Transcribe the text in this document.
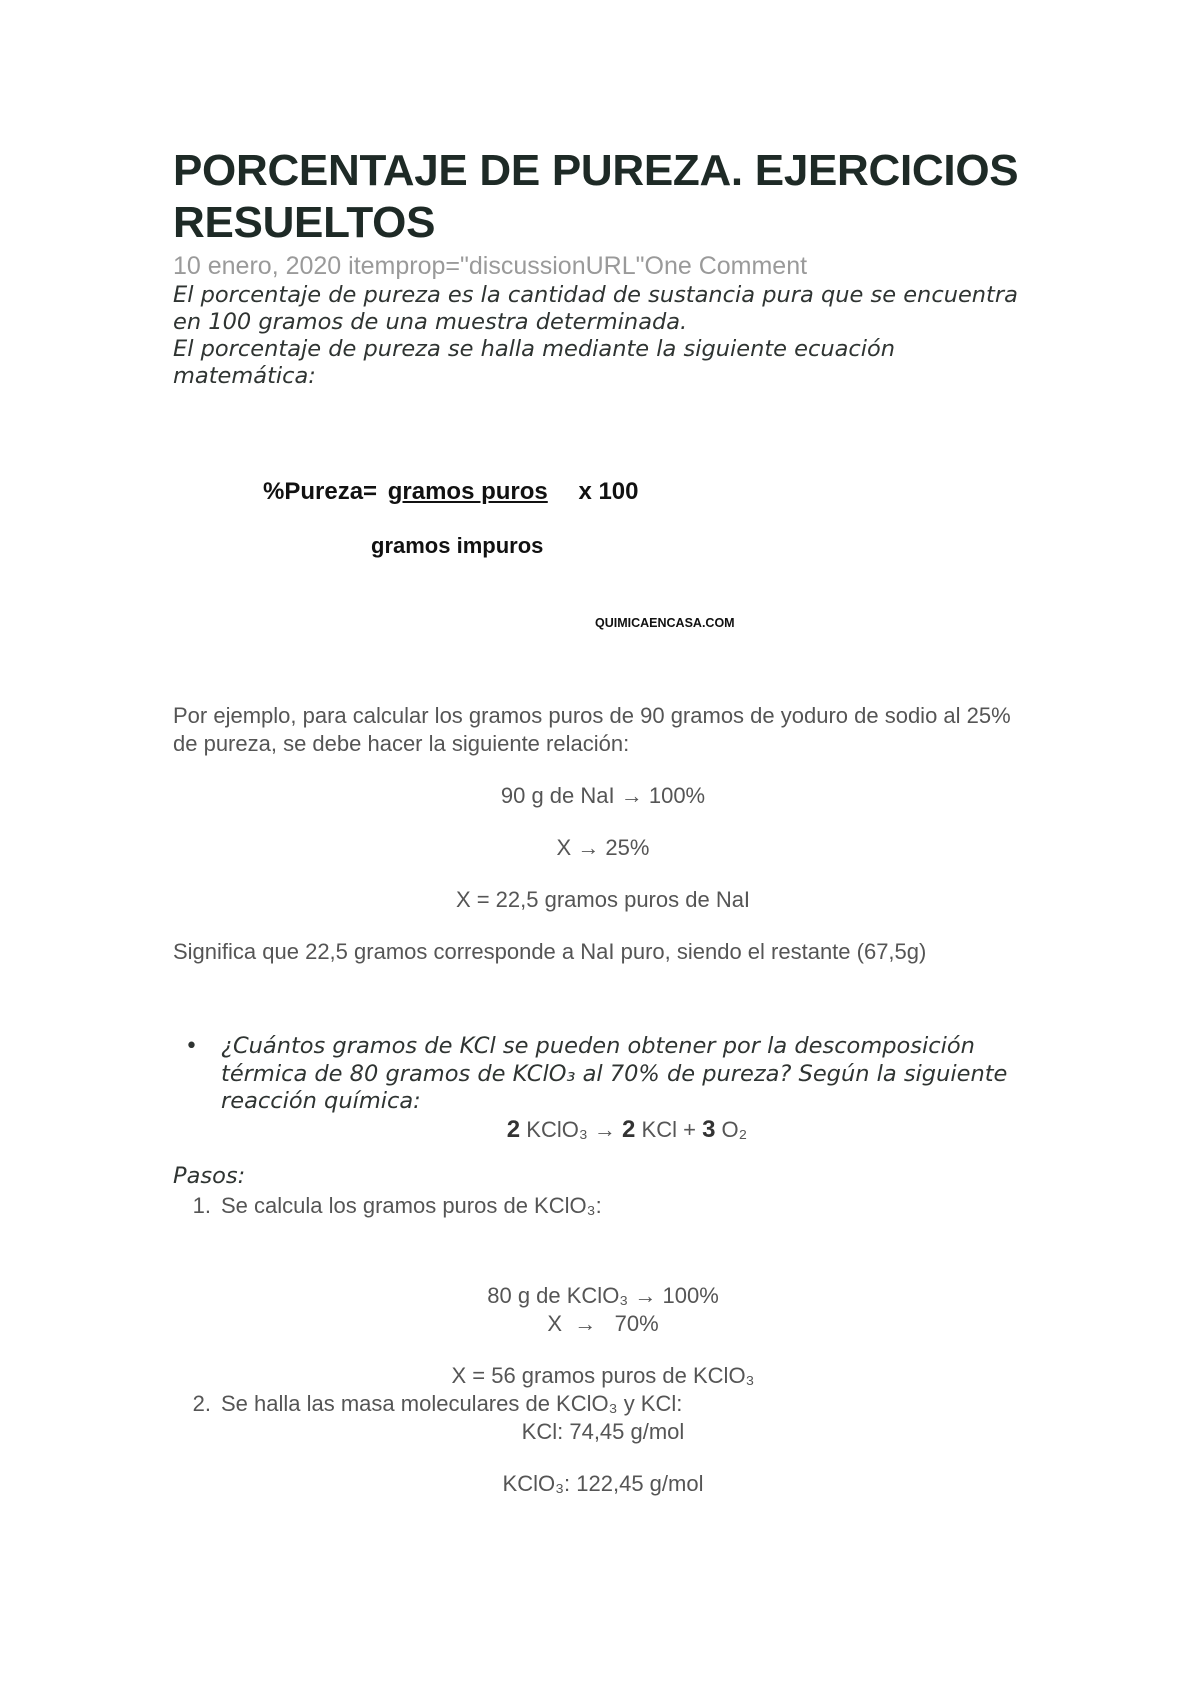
PORCENTAJE DE PUREZA. EJERCICIOS RESUELTOS
10 enero, 2020 itemprop="discussionURL"One Comment

El porcentaje de pureza es la cantidad de sustancia pura que se encuentra en 100 gramos de una muestra determinada.

El porcentaje de pureza se halla mediante la siguiente ecuación matemática:

%Pureza= gramos puros x 100
gramos impuros
QUIMICAENCASA.COM
Por ejemplo, para calcular los gramos puros de 90 gramos de yoduro de sodio al 25% de pureza, se debe hacer la siguiente relación:
90 g de NaI → 100%
X → 25%
X = 22,5 gramos puros de NaI
Significa que 22,5 gramos corresponde a NaI puro, siendo el restante (67,5g)
• ¿Cuántos gramos de KCl se pueden obtener por la descomposición térmica de 80 gramos de KClO₃ al 70% de pureza? Según la siguiente reacción química:
2 KClO₃ → 2 KCl + 3 O₂
Pasos:
1. Se calcula los gramos puros de KClO₃:
80 g de KClO₃ → 100%
X  →   70%
X = 56 gramos puros de KClO₃
2. Se halla las masa moleculares de KClO₃ y KCl:
KCl: 74,45 g/mol
KClO₃: 122,45 g/mol
